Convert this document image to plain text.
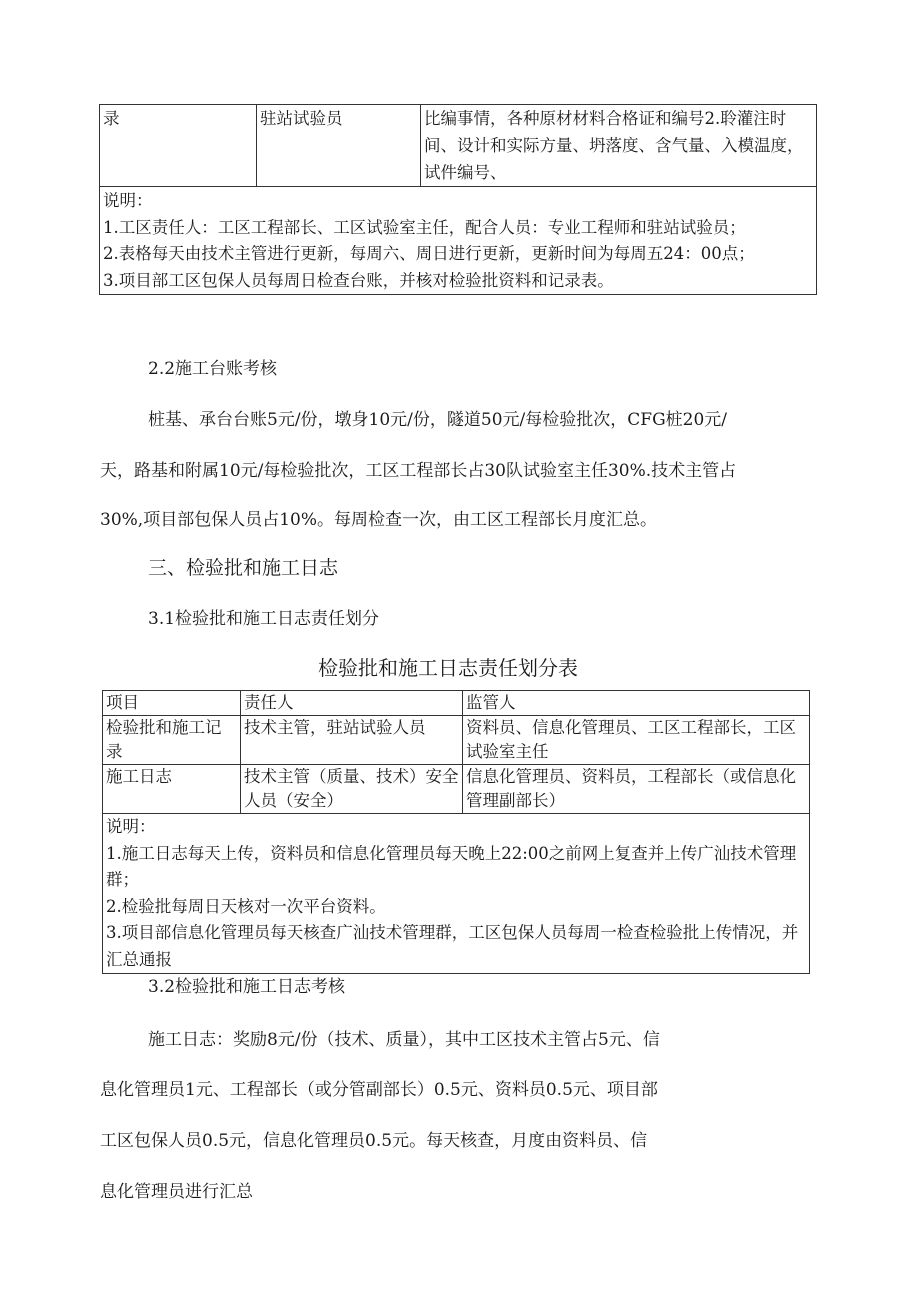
录	驻站试验员	比编事情，各种原材材料合格证和编号2.聆灌注时间、设计和实际方量、坍落度、含气量、入模温度，试件编号、

说明：
1.工区责任人：工区工程部长、工区试验室主任，配合人员：专业工程师和驻站试验员；
2.表格每天由技术主管进行更新，每周六、周日进行更新，更新时间为每周五24：00点；
3.项目部工区包保人员每周日检查台账，并核对检验批资料和记录表。

2.2施工台账考核

桩基、承台台账5元/份，墩身10元/份，隧道50元/每检验批次，CFG桩20元/

天，路基和附属10元/每检验批次，工区工程部长占30队试验室主任30%.技术主管占

30%,项目部包保人员占10%。每周检查一次，由工区工程部长月度汇总。

三、检验批和施工日志

3.1检验批和施工日志责任划分

检验批和施工日志责任划分表

项目	责任人	监管人
检验批和施工记录	技术主管，驻站试验人员	资料员、信息化管理员、工区工程部长，工区试验室主任
施工日志	技术主管（质量、技术）安全人员（安全）	信息化管理员、资料员，工程部长（或信息化管理副部长）

说明：
1.施工日志每天上传，资料员和信息化管理员每天晚上22:00之前网上复查并上传广汕技术管理群；
2.检验批每周日天核对一次平台资料。
3.项目部信息化管理员每天核查广汕技术管理群，工区包保人员每周一检查检验批上传情况，并汇总通报		

3.2检验批和施工日志考核

施工日志：奖励8元/份（技术、质量），其中工区技术主管占5元、信

息化管理员1元、工程部长（或分管副部长）0.5元、资料员0.5元、项目部

工区包保人员0.5元，信息化管理员0.5元。每天核查，月度由资料员、信

息化管理员进行汇总
